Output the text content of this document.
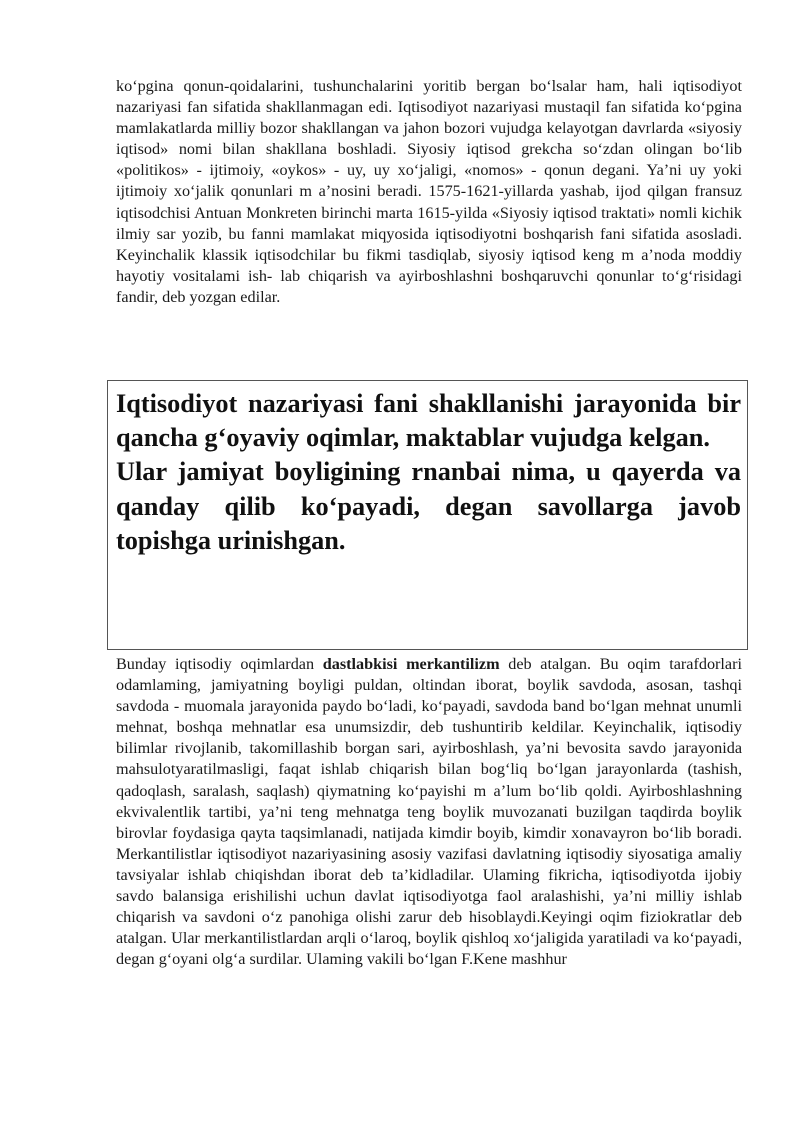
koʻpgina qonun-qoidalarini, tushunchalarini yoritib bergan boʻlsalar ham, hali iqtisodiyot nazariyasi fan sifatida shakllanmagan edi. Iqtisodiyot nazariyasi mustaqil fan sifatida koʻpgina mamlakatlarda milliy bozor shakllangan va jahon bozori vujudga kelayotgan davrlarda «siyosiy iqtisod» nomi bilan shakllana boshladi. Siyosiy iqtisod grekcha soʻzdan olingan boʻlib «politikos» - ijtimoiy, «oykos» - uy, uy xoʻjaligi, «nomos» - qonun degani. Ya’ni uy yoki ijtimoiy xoʻjalik qonunlari m a’nosini beradi. 1575-1621-yillarda yashab, ijod qilgan fransuz iqtisodchisi Antuan Monkreten birinchi marta 1615-yilda «Siyosiy iqtisod traktati» nomli kichik ilmiy sar yozib, bu fanni mamlakat miqyosida iqtisodiyotni boshqarish fani sifatida asosladi. Keyinchalik klassik iqtisodchilar bu fikmi tasdiqlab, siyosiy iqtisod keng m a’noda moddiy hayotiy vositalami ish- lab chiqarish va ayirboshlashni boshqaruvchi qonunlar toʻgʻrisidagi fandir, deb yozgan edilar.

Iqtisodiyot nazariyasi fani shakllanishi jarayonida bir qancha gʻoyaviy oqimlar, maktablar vujudga kelgan.
Ular jamiyat boyligining rnanbai nima, u qayerda va qanday qilib koʻpayadi, degan savollarga javob topishga urinishgan.

Bunday iqtisodiy oqimlardan dastlabkisi merkantilizm deb atalgan. Bu oqim tarafdorlari odamlaming, jamiyatning boyligi puldan, oltindan iborat, boylik savdoda, asosan, tashqi savdoda - muomala jarayonida paydo boʻladi, koʻpayadi, savdoda band boʻlgan mehnat unumli mehnat, boshqa mehnatlar esa unumsizdir, deb tushuntirib keldilar. Keyinchalik, iqtisodiy bilimlar rivojlanib, takomillashib borgan sari, ayirboshlash, ya’ni bevosita savdo jarayonida mahsulotyaratilmasligi, faqat ishlab chiqarish bilan bogʻliq boʻlgan jarayonlarda (tashish, qadoqlash, saralash, saqlash) qiymatning koʻpayishi m a’lum boʻlib qoldi. Ayirboshlashning ekvivalentlik tartibi, ya’ni teng mehnatga teng boylik muvozanati buzilgan taqdirda boylik birovlar foydasiga qayta taqsimlanadi, natijada kimdir boyib, kimdir xonavayron boʻlib boradi. Merkantilistlar iqtisodiyot nazariyasining asosiy vazifasi davlatning iqtisodiy siyosatiga amaliy tavsiyalar ishlab chiqishdan iborat deb ta’kidladilar. Ulaming fikricha, iqtisodiyotda ijobiy savdo balansiga erishilishi uchun davlat iqtisodiyotga faol aralashishi, ya’ni milliy ishlab chiqarish va savdoni oʻz panohiga olishi zarur deb hisoblaydi.Keyingi oqim fiziokratlar deb atalgan. Ular merkantilistlardan arqli oʻlaroq, boylik qishloq xoʻjaligida yaratiladi va koʻpayadi, degan gʻoyani olgʻa surdilar. Ulaming vakili boʻlgan F.Kene mashhur
